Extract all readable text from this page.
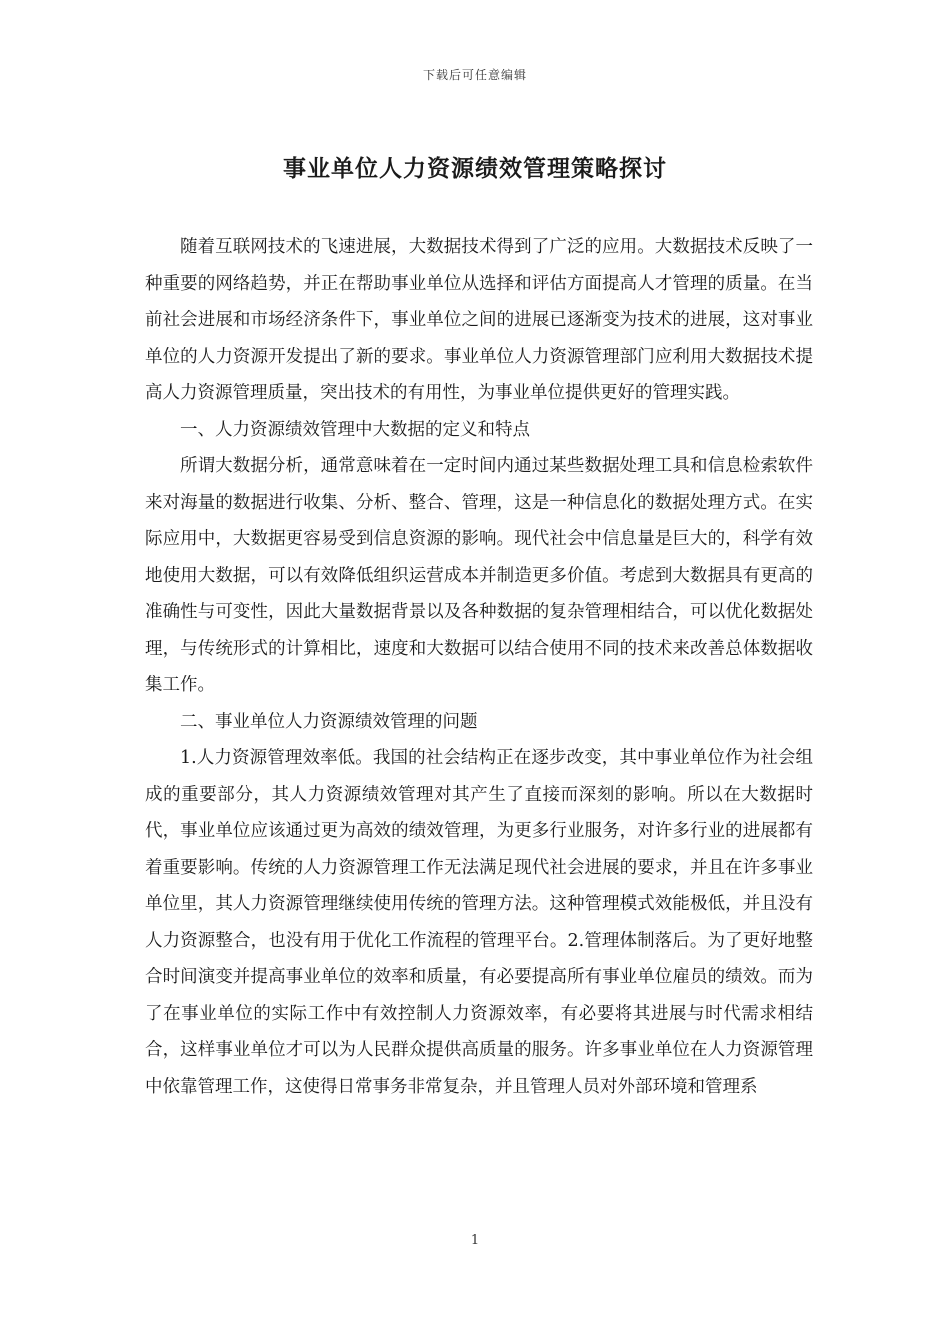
下载后可任意编辑
事业单位人力资源绩效管理策略探讨

随着互联网技术的飞速进展，大数据技术得到了广泛的应用。大数据技术反映了一种重要的网络趋势，并正在帮助事业单位从选择和评估方面提高人才管理的质量。在当前社会进展和市场经济条件下，事业单位之间的进展已逐渐变为技术的进展，这对事业单位的人力资源开发提出了新的要求。事业单位人力资源管理部门应利用大数据技术提高人力资源管理质量，突出技术的有用性，为事业单位提供更好的管理实践。

一、人力资源绩效管理中大数据的定义和特点

所谓大数据分析，通常意味着在一定时间内通过某些数据处理工具和信息检索软件来对海量的数据进行收集、分析、整合、管理，这是一种信息化的数据处理方式。在实际应用中，大数据更容易受到信息资源的影响。现代社会中信息量是巨大的，科学有效地使用大数据，可以有效降低组织运营成本并制造更多价值。考虑到大数据具有更高的准确性与可变性，因此大量数据背景以及各种数据的复杂管理相结合，可以优化数据处理，与传统形式的计算相比，速度和大数据可以结合使用不同的技术来改善总体数据收集工作。

二、事业单位人力资源绩效管理的问题

1.人力资源管理效率低。我国的社会结构正在逐步改变，其中事业单位作为社会组成的重要部分，其人力资源绩效管理对其产生了直接而深刻的影响。所以在大数据时代，事业单位应该通过更为高效的绩效管理，为更多行业服务，对许多行业的进展都有着重要影响。传统的人力资源管理工作无法满足现代社会进展的要求，并且在许多事业单位里，其人力资源管理继续使用传统的管理方法。这种管理模式效能极低，并且没有人力资源整合，也没有用于优化工作流程的管理平台。2.管理体制落后。为了更好地整合时间演变并提高事业单位的效率和质量，有必要提高所有事业单位雇员的绩效。而为了在事业单位的实际工作中有效控制人力资源效率，有必要将其进展与时代需求相结合，这样事业单位才可以为人民群众提供高质量的服务。许多事业单位在人力资源管理中依靠管理工作，这使得日常事务非常复杂，并且管理人员对外部环境和管理系

1
